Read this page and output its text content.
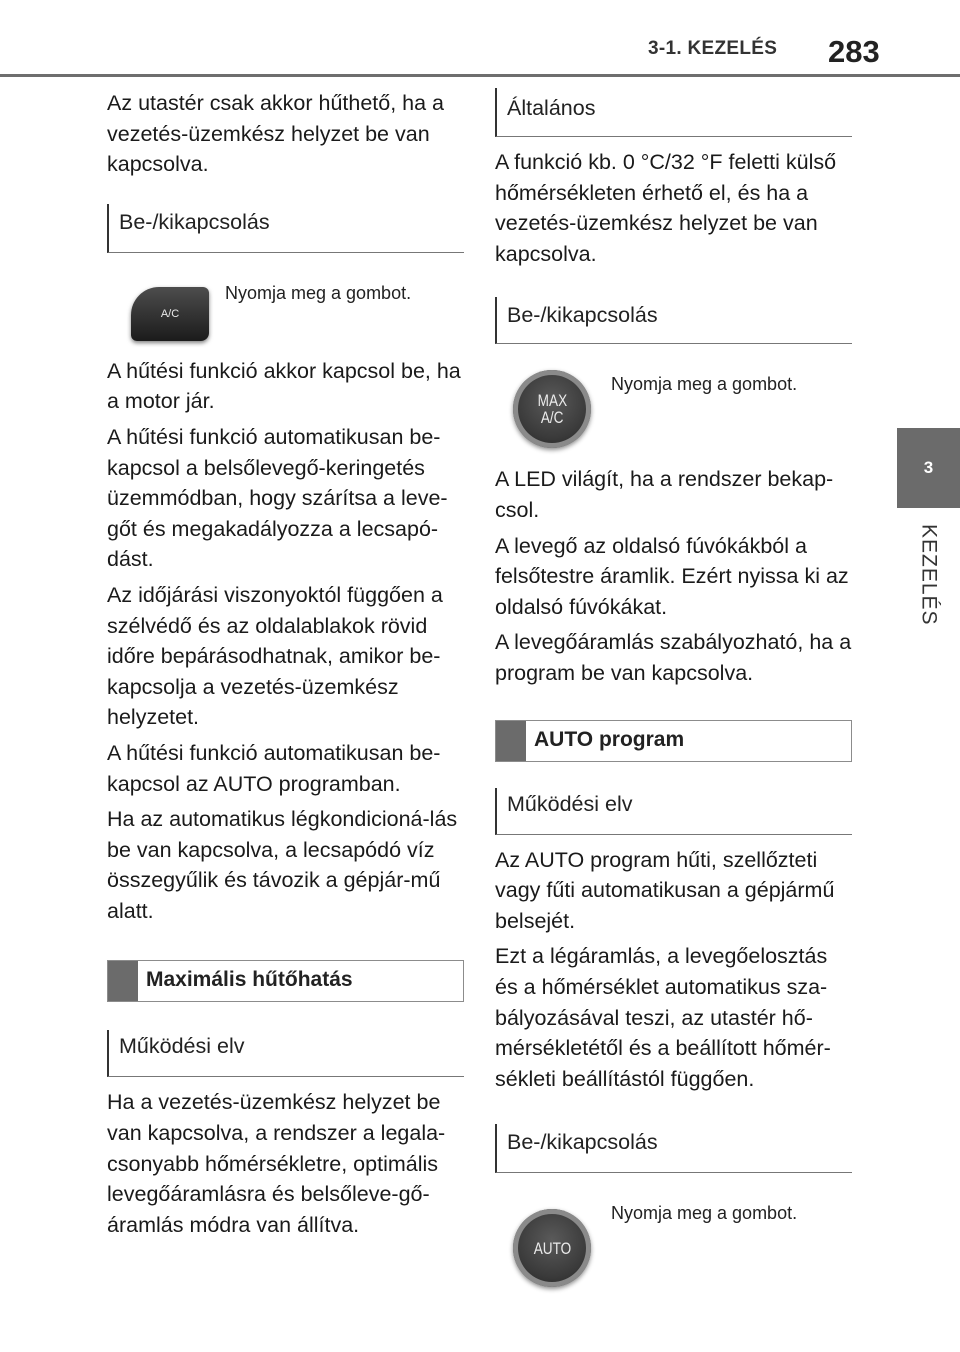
3-1. KEZELÉS 283
3
KEZELÉS

Az utastér csak akkor hűthető, ha a vezetés-üzemkész helyzet be van kapcsolva.

Be-/kikapcsolás
A/C
Nyomja meg a gombot.

A hűtési funkció akkor kapcsol be, ha a motor jár.

A hűtési funkció automatikusan be-kapcsol a belsőlevegő-keringetés üzemmódban, hogy szárítsa a leve-gőt és megakadályozza a lecsapó-dást.

Az időjárási viszonyoktól függően a szélvédő és az oldalablakok rövid időre bepárásodhatnak, amikor be-kapcsolja a vezetés-üzemkész helyzetet.

A hűtési funkció automatikusan be-kapcsol az AUTO programban.

Ha az automatikus légkondicioná-lás be van kapcsolva, a lecsapódó víz összegyűlik és távozik a gépjár-mű alatt.

Maximális hűtőhatás
Működési elv

Ha a vezetés-üzemkész helyzet be van kapcsolva, a rendszer a legala-csonyabb hőmérsékletre, optimális levegőáramlásra és belsőleve-gő-áramlás módra van állítva.

Általános

A funkció kb. 0 °C/32 °F feletti külső hőmérsékleten érhető el, és ha a vezetés-üzemkész helyzet be van kapcsolva.

Be-/kikapcsolás
MAX
A/C
Nyomja meg a gombot.

A LED világít, ha a rendszer bekap-csol.

A levegő az oldalsó fúvókákból a felsőtestre áramlik. Ezért nyissa ki az oldalsó fúvókákat.

A levegőáramlás szabályozható, ha a program be van kapcsolva.

AUTO program
Működési elv

Az AUTO program hűti, szellőzteti vagy fűti automatikusan a gépjármű belsejét.

Ezt a légáramlás, a levegőelosztás és a hőmérséklet automatikus sza-bályozásával teszi, az utastér hő-mérsékletétől és a beállított hőmér-sékleti beállítástól függően.

Be-/kikapcsolás
AUTO
Nyomja meg a gombot.
